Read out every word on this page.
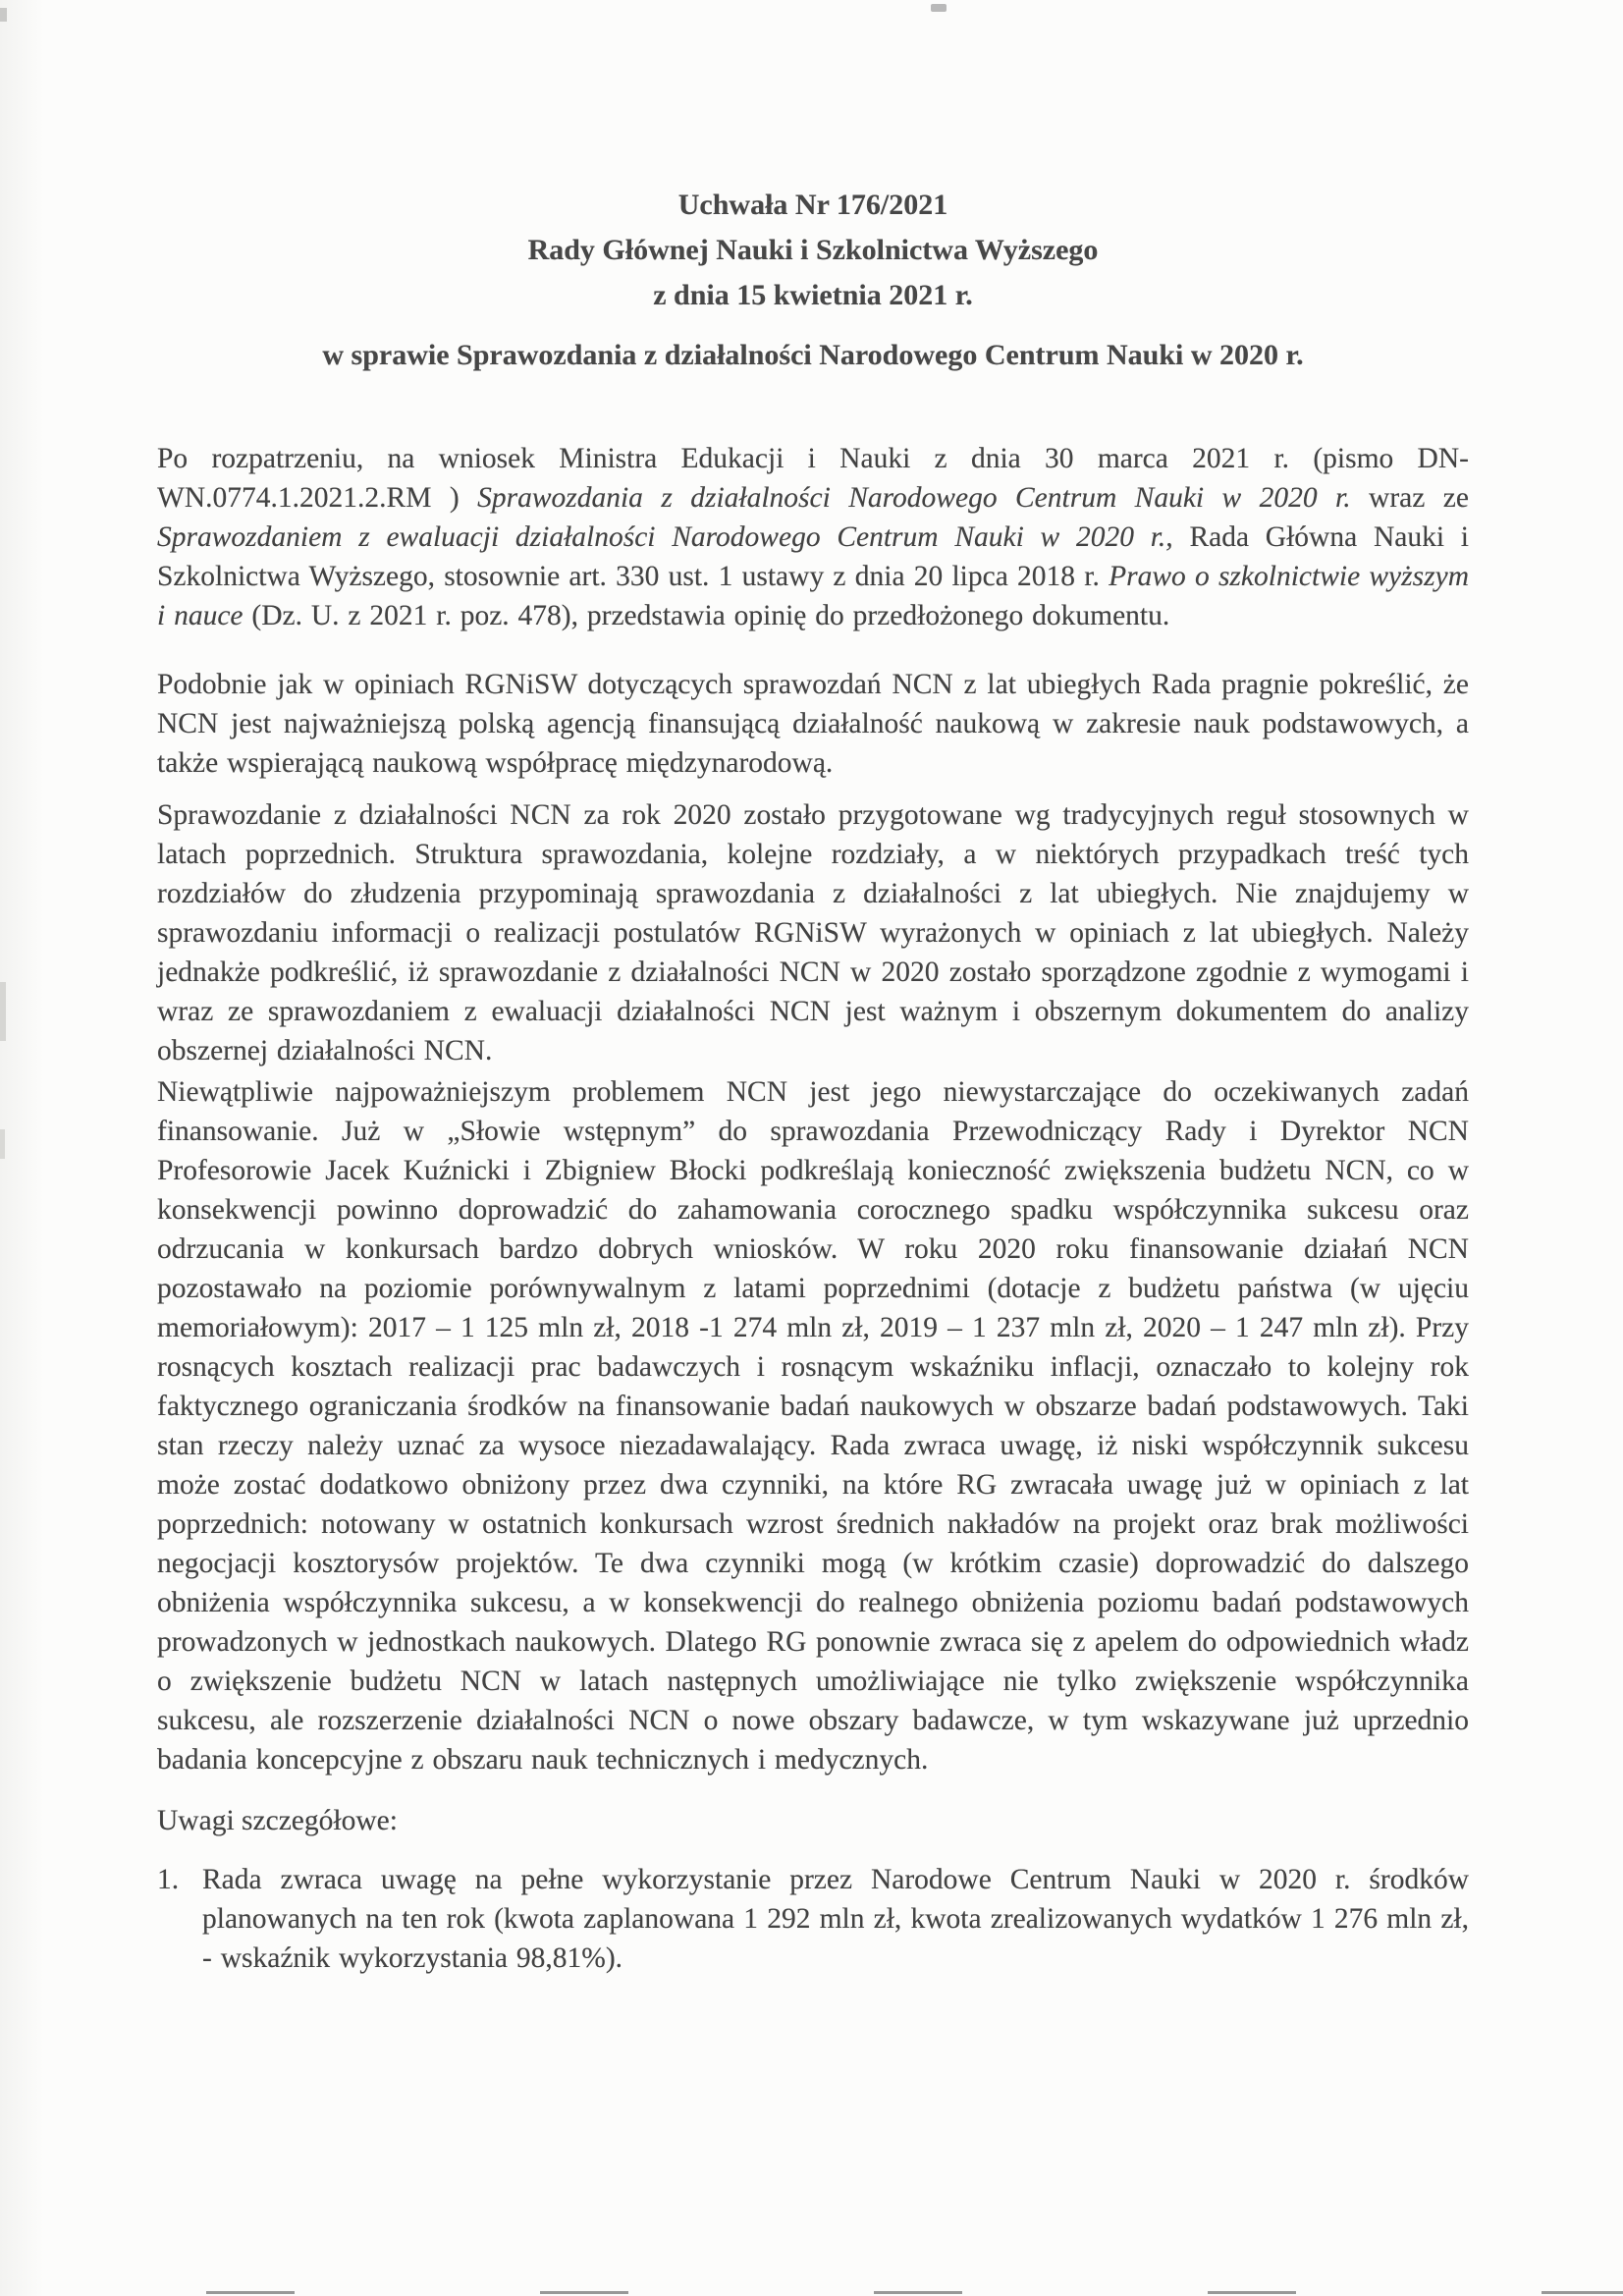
Uchwała Nr 176/2021
Rady Głównej Nauki i Szkolnictwa Wyższego
z dnia 15 kwietnia 2021 r.
w sprawie Sprawozdania z działalności Narodowego Centrum Nauki w 2020 r.

Po rozpatrzeniu, na wniosek Ministra Edukacji i Nauki z dnia 30 marca 2021 r. (pismo DN-WN.0774.1.2021.2.RM ) Sprawozdania z działalności Narodowego Centrum Nauki w 2020 r. wraz ze Sprawozdaniem z ewaluacji działalności Narodowego Centrum Nauki w 2020 r., Rada Główna Nauki i Szkolnictwa Wyższego, stosownie art. 330 ust. 1 ustawy z dnia 20 lipca 2018 r. Prawo o szkolnictwie wyższym i nauce (Dz. U. z 2021 r. poz. 478), przedstawia opinię do przedłożonego dokumentu.

Podobnie jak w opiniach RGNiSW dotyczących sprawozdań NCN z lat ubiegłych Rada pragnie pokreślić, że NCN jest najważniejszą polską agencją finansującą działalność naukową w zakresie nauk podstawowych, a także wspierającą naukową współpracę międzynarodową.

Sprawozdanie z działalności NCN za rok 2020 zostało przygotowane wg tradycyjnych reguł stosownych w latach poprzednich. Struktura sprawozdania, kolejne rozdziały, a w niektórych przypadkach treść tych rozdziałów do złudzenia przypominają sprawozdania z działalności z lat ubiegłych. Nie znajdujemy w sprawozdaniu informacji o realizacji postulatów RGNiSW wyrażonych w opiniach z lat ubiegłych. Należy jednakże podkreślić, iż sprawozdanie z działalności NCN w 2020 zostało sporządzone zgodnie z wymogami i wraz ze sprawozdaniem z ewaluacji działalności NCN jest ważnym i obszernym dokumentem do analizy obszernej działalności NCN.

Niewątpliwie najpoważniejszym problemem NCN jest jego niewystarczające do oczekiwanych zadań finansowanie. Już w „Słowie wstępnym” do sprawozdania Przewodniczący Rady i Dyrektor NCN Profesorowie Jacek Kuźnicki i Zbigniew Błocki podkreślają konieczność zwiększenia budżetu NCN, co w konsekwencji powinno doprowadzić do zahamowania corocznego spadku współczynnika sukcesu oraz odrzucania w konkursach bardzo dobrych wniosków. W roku 2020 roku finansowanie działań NCN pozostawało na poziomie porównywalnym z latami poprzednimi (dotacje z budżetu państwa (w ujęciu memoriałowym): 2017 – 1 125 mln zł, 2018 -1 274 mln zł, 2019 – 1 237 mln zł, 2020 – 1 247 mln zł). Przy rosnących kosztach realizacji prac badawczych i rosnącym wskaźniku inflacji, oznaczało to kolejny rok faktycznego ograniczania środków na finansowanie badań naukowych w obszarze badań podstawowych. Taki stan rzeczy należy uznać za wysoce niezadawalający. Rada zwraca uwagę, iż niski współczynnik sukcesu może zostać dodatkowo obniżony przez dwa czynniki, na które RG zwracała uwagę już w opiniach z lat poprzednich: notowany w ostatnich konkursach wzrost średnich nakładów na projekt oraz brak możliwości negocjacji kosztorysów projektów. Te dwa czynniki mogą (w krótkim czasie) doprowadzić do dalszego obniżenia współczynnika sukcesu, a w konsekwencji do realnego obniżenia poziomu badań podstawowych prowadzonych w jednostkach naukowych. Dlatego RG ponownie zwraca się z apelem do odpowiednich władz o zwiększenie budżetu NCN w latach następnych umożliwiające nie tylko zwiększenie współczynnika sukcesu, ale rozszerzenie działalności NCN o nowe obszary badawcze, w tym wskazywane już uprzednio badania koncepcyjne z obszaru nauk technicznych i medycznych.

Uwagi szczegółowe:
1. Rada zwraca uwagę na pełne wykorzystanie przez Narodowe Centrum Nauki w 2020 r. środków planowanych na ten rok (kwota zaplanowana 1 292 mln zł, kwota zrealizowanych wydatków 1 276 mln zł, - wskaźnik wykorzystania 98,81%).
